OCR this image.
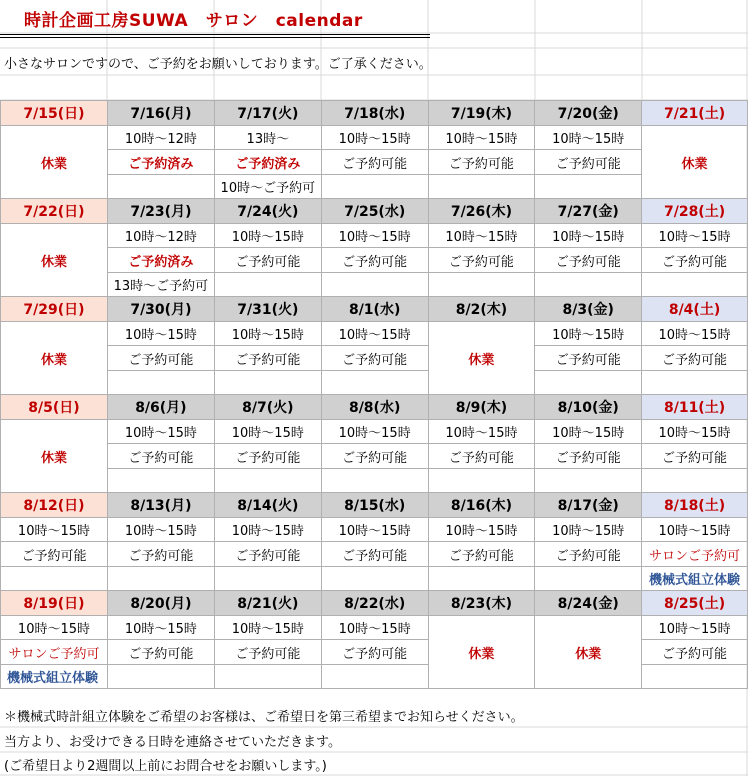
時計企画工房SUWA　サロン　calendar
小さなサロンですので、ご予約をお願いしております。ご了承ください。
7/15(日)	7/16(月)	7/17(火)	7/18(水)	7/19(木)	7/20(金)	7/21(土)
休業	10時～12時	13時～	10時～15時	10時～15時	10時～15時	休業
	ご予約済み	ご予約済み	ご予約可能	ご予約可能	ご予約可能	
		10時～ご予約可				
7/22(日)	7/23(月)	7/24(火)	7/25(水)	7/26(木)	7/27(金)	7/28(土)
休業	10時～12時	10時～15時	10時～15時	10時～15時	10時～15時	10時～15時
	ご予約済み	ご予約可能	ご予約可能	ご予約可能	ご予約可能	ご予約可能
	13時～ご予約可					
7/29(日)	7/30(月)	7/31(火)	8/1(水)	8/2(木)	8/3(金)	8/4(土)
休業	10時～15時	10時～15時	10時～15時	休業	10時～15時	10時～15時
	ご予約可能	ご予約可能	ご予約可能		ご予約可能	ご予約可能

8/5(日)	8/6(月)	8/7(火)	8/8(水)	8/9(木)	8/10(金)	8/11(土)
休業	10時～15時	10時～15時	10時～15時	10時～15時	10時～15時	10時～15時
	ご予約可能	ご予約可能	ご予約可能	ご予約可能	ご予約可能	ご予約可能

8/12(日)	8/13(月)	8/14(火)	8/15(水)	8/16(木)	8/17(金)	8/18(土)
10時～15時	10時～15時	10時～15時	10時～15時	10時～15時	10時～15時	10時～15時
ご予約可能	ご予約可能	ご予約可能	ご予約可能	ご予約可能	ご予約可能	サロンご予約可
						機械式組立体験
8/19(日)	8/20(月)	8/21(火)	8/22(水)	8/23(木)	8/24(金)	8/25(土)
10時～15時	10時～15時	10時～15時	10時～15時	休業	休業	10時～15時
サロンご予約可	ご予約可能	ご予約可能	ご予約可能			ご予約可能
機械式組立体験						
＊機械式時計組立体験をご希望のお客様は、ご希望日を第三希望までお知らせください。
当方より、お受けできる日時を連絡させていただきます。
(ご希望日より2週間以上前にお問合せをお願いします。)
